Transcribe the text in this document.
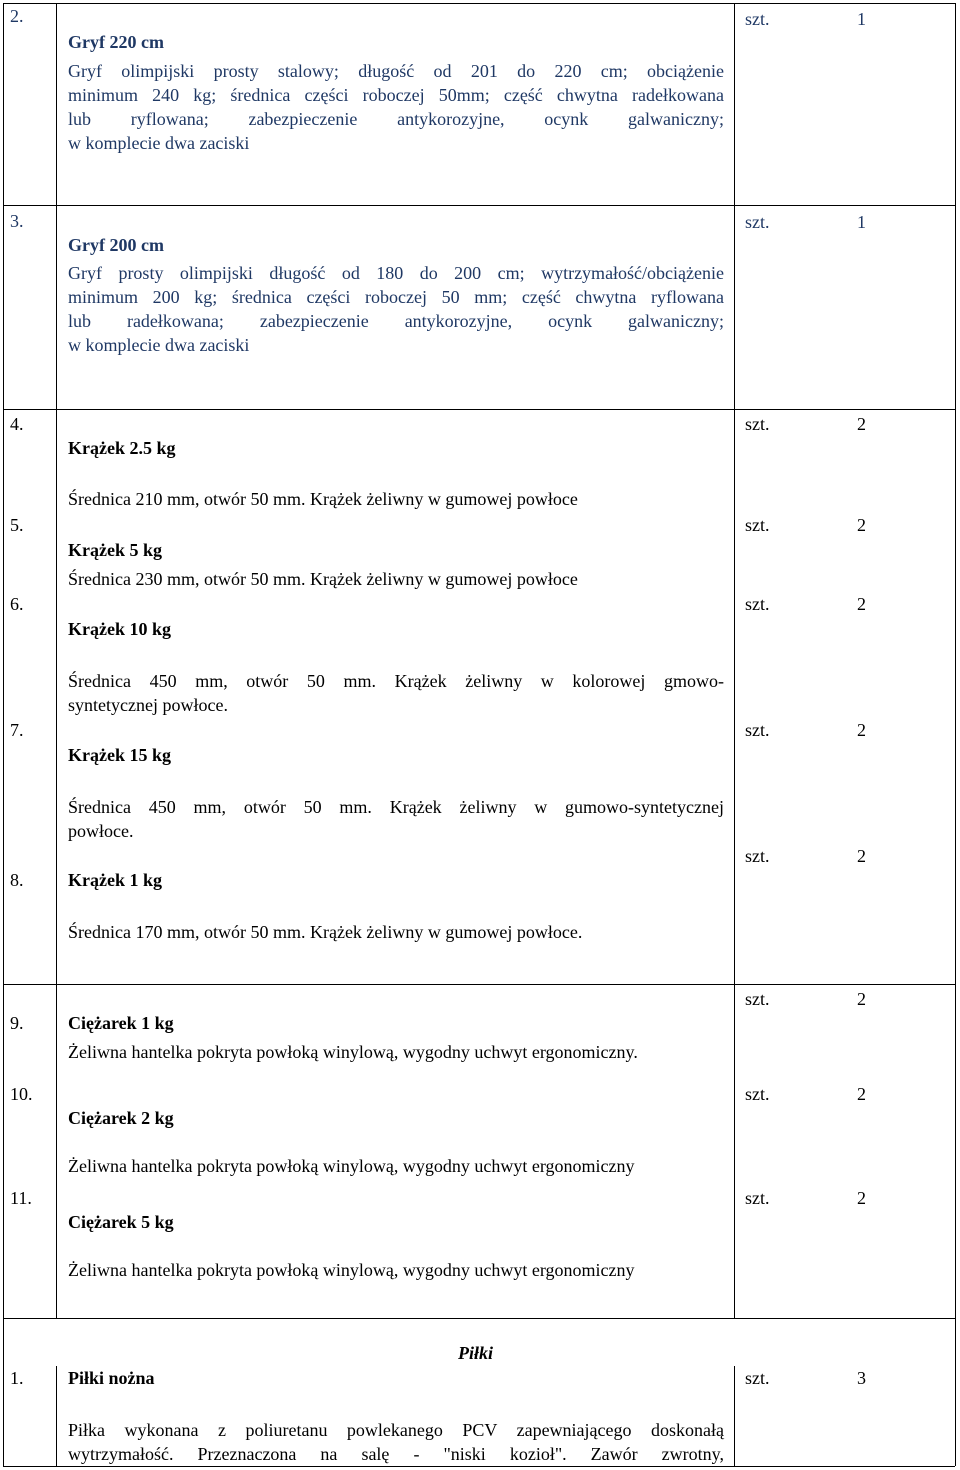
2.
Gryf 220 cm
Gryf olimpijski prosty stalowy; długość od 201 do 220 cm; obciążenie
minimum 240 kg; średnica części roboczej 50mm; część chwytna radełkowana
lub ryflowana; zabezpieczenie antykorozyjne, ocynk galwaniczny;
w komplecie dwa zaciski
szt.	1
3.
Gryf 200 cm
Gryf prosty olimpijski długość od 180 do 200 cm; wytrzymałość/obciążenie
minimum 200 kg; średnica części roboczej 50 mm; część chwytna ryflowana
lub radełkowana; zabezpieczenie antykorozyjne, ocynk galwaniczny;
w komplecie dwa zaciski
szt.	1
4.
Krążek 2.5 kg
Średnica 210 mm, otwór 50 mm. Krążek żeliwny w gumowej powłoce
szt.	2
5.
Krążek 5 kg
Średnica 230 mm, otwór 50 mm. Krążek żeliwny w gumowej powłoce
szt.	2
6.
Krążek 10 kg
Średnica 450 mm, otwór 50 mm. Krążek żeliwny w kolorowej gmowo-
syntetycznej powłoce.
szt.	2
7.
Krążek 15 kg
Średnica 450 mm, otwór 50 mm. Krążek żeliwny w gumowo-syntetycznej
powłoce.
szt.	2
8. Krążek 1 kg
Średnica 170 mm, otwór 50 mm. Krążek żeliwny w gumowej powłoce.
szt.	2
9. Ciężarek 1 kg
Żeliwna hantelka pokryta powłoką winylową, wygodny uchwyt ergonomiczny.
szt.	2
10.
Ciężarek 2 kg
Żeliwna hantelka pokryta powłoką winylową, wygodny uchwyt ergonomiczny
szt.	2
11.
Ciężarek 5 kg
Żeliwna hantelka pokryta powłoką winylową, wygodny uchwyt ergonomiczny
szt.	2
Piłki
1. Piłki nożna
Piłka wykonana z poliuretanu powlekanego PCV zapewniającego doskonałą
wytrzymałość. Przeznaczona na salę - "niski kozioł". Zawór zwrotny,
szt.	3
